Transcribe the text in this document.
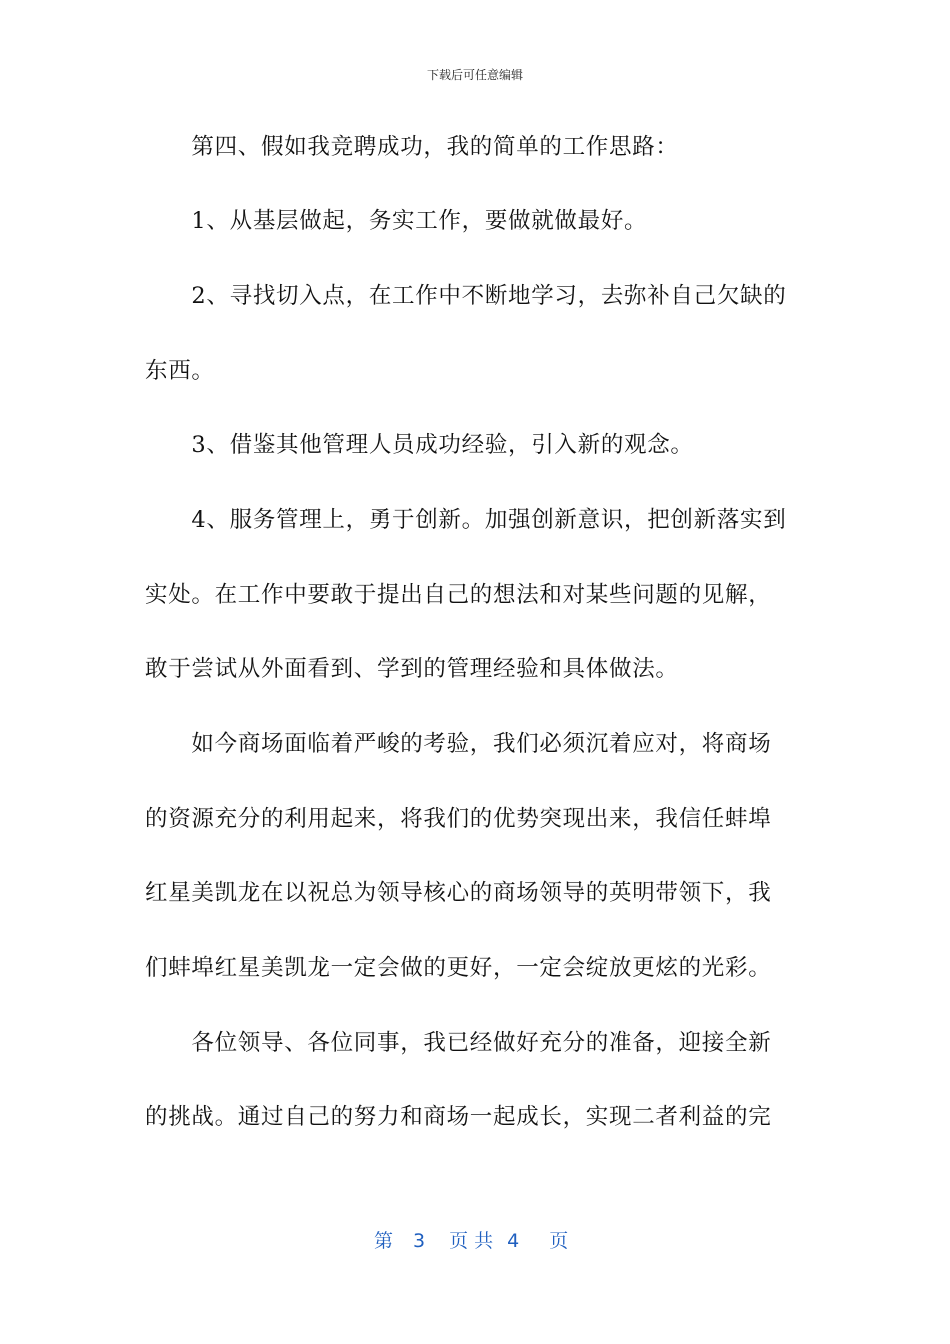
下载后可任意编辑
　　第四、假如我竞聘成功，我的简单的工作思路：
　　1、从基层做起，务实工作，要做就做最好。
　　2、寻找切入点，在工作中不断地学习，去弥补自己欠缺的
东西。
　　3、借鉴其他管理人员成功经验，引入新的观念。
　　4、服务管理上，勇于创新。加强创新意识，把创新落实到
实处。在工作中要敢于提出自己的想法和对某些问题的见解，
敢于尝试从外面看到、学到的管理经验和具体做法。
　　如今商场面临着严峻的考验，我们必须沉着应对，将商场
的资源充分的利用起来，将我们的优势突现出来，我信任蚌埠
红星美凯龙在以祝总为领导核心的商场领导的英明带领下，我
们蚌埠红星美凯龙一定会做的更好，一定会绽放更炫的光彩。
　　各位领导、各位同事，我已经做好充分的准备，迎接全新
的挑战。通过自己的努力和商场一起成长，实现二者利益的完
第 3 页 共 4 页
